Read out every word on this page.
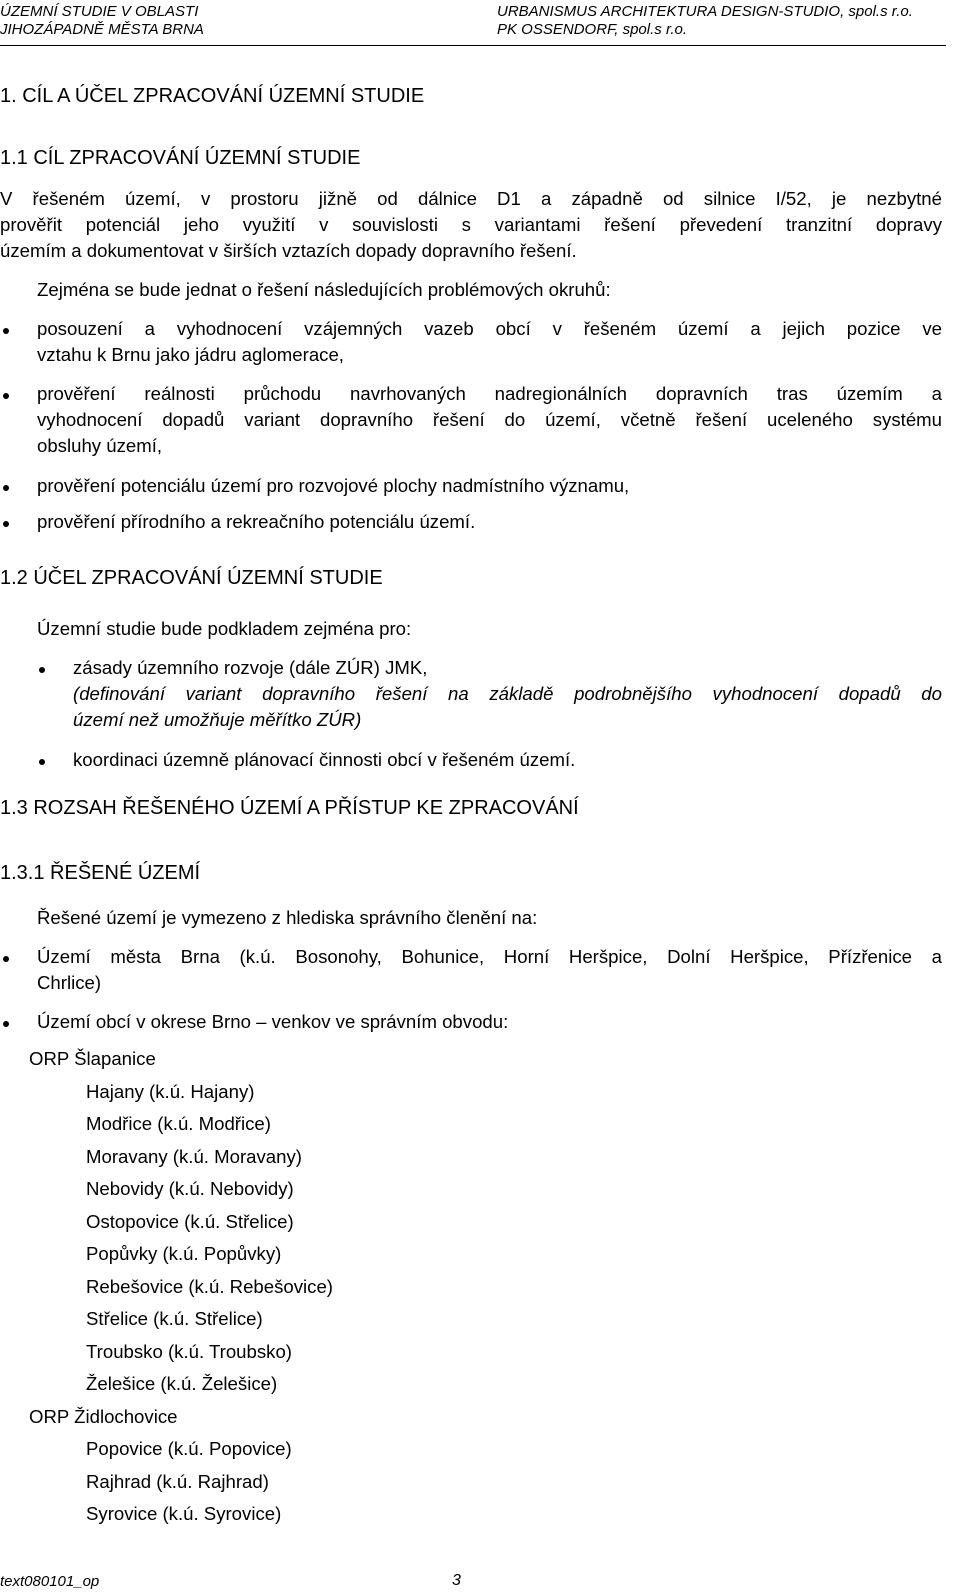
ÚZEMNÍ STUDIE V OBLASTI
JIHOZÁPADNĚ MĚSTA BRNA
URBANISMUS ARCHITEKTURA DESIGN-STUDIO, spol.s r.o.
PK OSSENDORF, spol.s r.o.
1. CÍL A ÚČEL ZPRACOVÁNÍ ÚZEMNÍ STUDIE
1.1 CÍL ZPRACOVÁNÍ ÚZEMNÍ STUDIE
V řešeném území, v prostoru jižně od dálnice D1 a západně od silnice I/52, je nezbytné
prověřit potenciál jeho využití v souvislosti s variantami řešení převedení tranzitní dopravy
územím a dokumentovat v širších vztazích dopady dopravního řešení.
Zejména se bude jednat o řešení následujících problémových okruhů:
posouzení a vyhodnocení vzájemných vazeb obcí v řešeném území a jejich pozice ve
vztahu k Brnu jako jádru aglomerace,
prověření reálnosti průchodu navrhovaných nadregionálních dopravních tras územím a
vyhodnocení dopadů variant dopravního řešení do území, včetně řešení uceleného systému
obsluhy území,
prověření potenciálu území pro rozvojové plochy nadmístního významu,
prověření přírodního a rekreačního potenciálu území.
1.2 ÚČEL ZPRACOVÁNÍ ÚZEMNÍ STUDIE
Územní studie bude podkladem zejména pro:
zásady územního rozvoje (dále ZÚR) JMK,
(definování variant dopravního řešení na základě podrobnějšího vyhodnocení dopadů do
území než umožňuje měřítko ZÚR)
koordinaci územně plánovací činnosti obcí v řešeném území.
1.3 ROZSAH ŘEŠENÉHO ÚZEMÍ A PŘÍSTUP KE ZPRACOVÁNÍ
1.3.1 ŘEŠENÉ ÚZEMÍ
Řešené území je vymezeno z hlediska správního členění na:
Území města Brna (k.ú. Bosonohy, Bohunice, Horní Heršpice, Dolní Heršpice, Přízřenice a
Chrlice)
Území obcí v okrese Brno – venkov ve správním obvodu:
ORP Šlapanice
Hajany (k.ú. Hajany)
Modřice (k.ú. Modřice)
Moravany (k.ú. Moravany)
Nebovidy (k.ú. Nebovidy)
Ostopovice (k.ú. Střelice)
Popůvky (k.ú. Popůvky)
Rebešovice (k.ú. Rebešovice)
Střelice (k.ú. Střelice)
Troubsko (k.ú. Troubsko)
Želešice (k.ú. Želešice)
ORP Židlochovice
Popovice (k.ú. Popovice)
Rajhrad (k.ú. Rajhrad)
Syrovice (k.ú. Syrovice)
text080101_op	3
